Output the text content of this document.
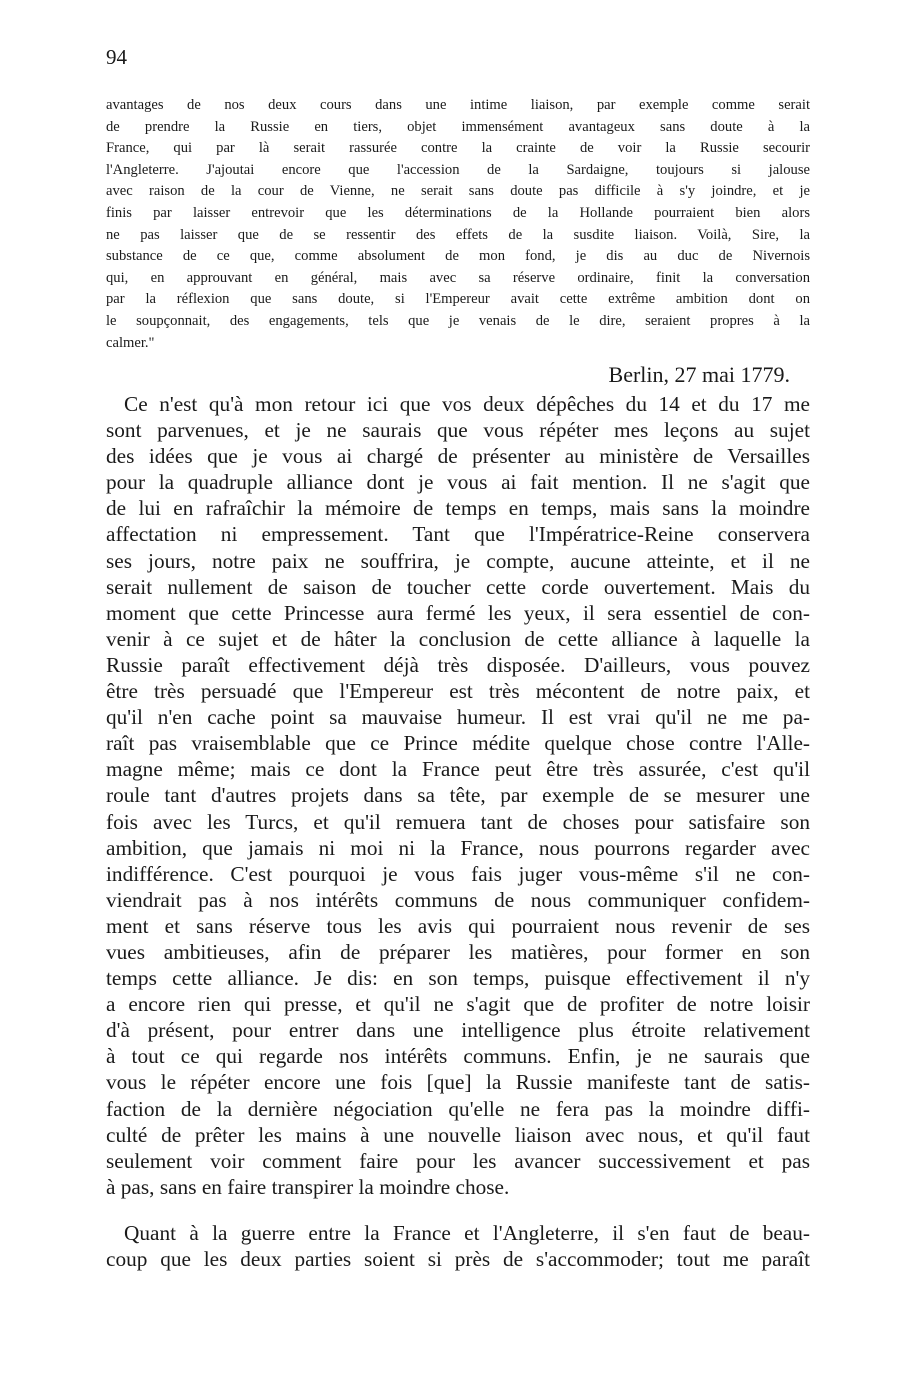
94
avantages de nos deux cours dans une intime liaison, par exemple comme serait
de prendre la Russie en tiers, objet immensément avantageux sans doute à la
France, qui par là serait rassurée contre la crainte de voir la Russie secourir
l'Angleterre. J'ajoutai encore que l'accession de la Sardaigne, toujours si jalouse
avec raison de la cour de Vienne, ne serait sans doute pas difficile à s'y joindre, et je
finis par laisser entrevoir que les déterminations de la Hollande pourraient bien alors
ne pas laisser que de se ressentir des effets de la susdite liaison. Voilà, Sire, la
substance de ce que, comme absolument de mon fond, je dis au duc de Nivernois
qui, en approuvant en général, mais avec sa réserve ordinaire, finit la conversation
par la réflexion que sans doute, si l'Empereur avait cette extrême ambition dont on
le soupçonnait, des engagements, tels que je venais de le dire, seraient propres à la
calmer."
Berlin, 27 mai 1779.
Ce n'est qu'à mon retour ici que vos deux dépêches du 14 et du 17 me
sont parvenues, et je ne saurais que vous répéter mes leçons au sujet
des idées que je vous ai chargé de présenter au ministère de Versailles
pour la quadruple alliance dont je vous ai fait mention. Il ne s'agit que
de lui en rafraîchir la mémoire de temps en temps, mais sans la moindre
affectation ni empressement. Tant que l'Impératrice-Reine conservera
ses jours, notre paix ne souffrira, je compte, aucune atteinte, et il ne
serait nullement de saison de toucher cette corde ouvertement. Mais du
moment que cette Princesse aura fermé les yeux, il sera essentiel de con-
venir à ce sujet et de hâter la conclusion de cette alliance à laquelle la
Russie paraît effectivement déjà très disposée. D'ailleurs, vous pouvez
être très persuadé que l'Empereur est très mécontent de notre paix, et
qu'il n'en cache point sa mauvaise humeur. Il est vrai qu'il ne me pa-
raît pas vraisemblable que ce Prince médite quelque chose contre l'Alle-
magne même; mais ce dont la France peut être très assurée, c'est qu'il
roule tant d'autres projets dans sa tête, par exemple de se mesurer une
fois avec les Turcs, et qu'il remuera tant de choses pour satisfaire son
ambition, que jamais ni moi ni la France, nous pourrons regarder avec
indifférence. C'est pourquoi je vous fais juger vous-même s'il ne con-
viendrait pas à nos intérêts communs de nous communiquer confidem-
ment et sans réserve tous les avis qui pourraient nous revenir de ses
vues ambitieuses, afin de préparer les matières, pour former en son
temps cette alliance. Je dis: en son temps, puisque effectivement il n'y
a encore rien qui presse, et qu'il ne s'agit que de profiter de notre loisir
d'à présent, pour entrer dans une intelligence plus étroite relativement
à tout ce qui regarde nos intérêts communs. Enfin, je ne saurais que
vous le répéter encore une fois [que] la Russie manifeste tant de satis-
faction de la dernière négociation qu'elle ne fera pas la moindre diffi-
culté de prêter les mains à une nouvelle liaison avec nous, et qu'il faut
seulement voir comment faire pour les avancer successivement et pas
à pas, sans en faire transpirer la moindre chose.
Quant à la guerre entre la France et l'Angleterre, il s'en faut de beau-
coup que les deux parties soient si près de s'accommoder; tout me paraît
